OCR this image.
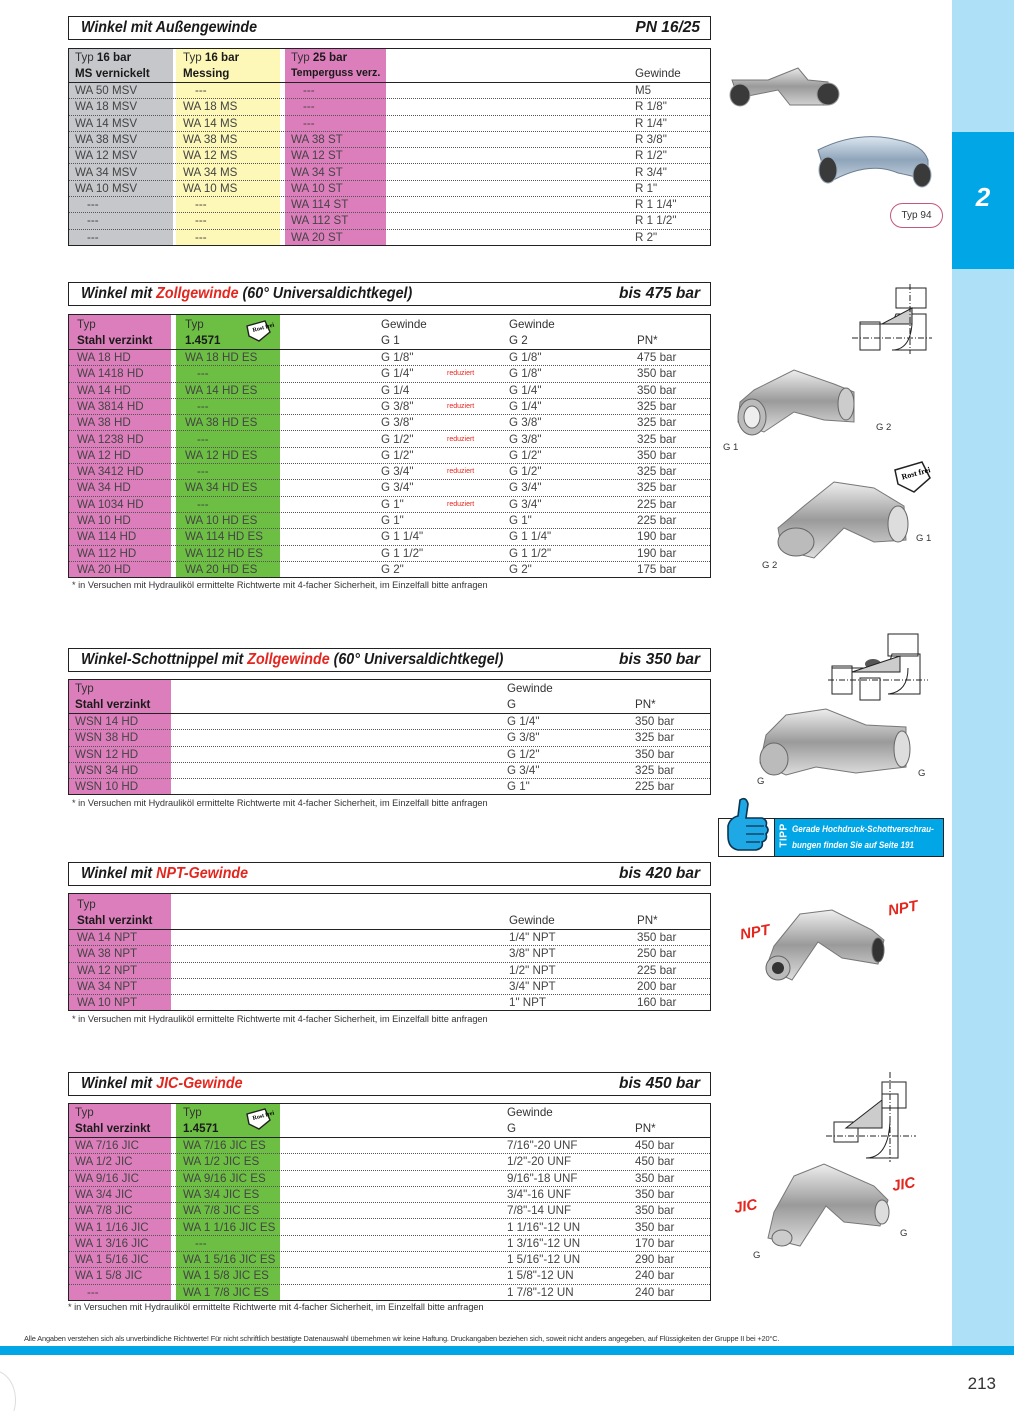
2
Alle Angaben verstehen sich als unverbindliche Richtwerte! Für nicht schriftlich bestätigte Datenauswahl übernehmen wir keine Haftung. Druckangaben beziehen sich, soweit nicht anders angegeben, auf Flüssigkeiten der Gruppe II bei +20°C.
213
Winkel mit Außengewinde	PN 16/25
Typ 16 bar
MS vernickelt
Typ 16 bar
Messing
Typ 25 bar
Temperguss verz.	Gewinde
WA 50 MSV	---	---	M5
WA 18 MSV	WA 18 MS	---	R 1/8"
WA 14 MSV	WA 14 MS	---	R 1/4"
WA 38 MSV	WA 38 MS	WA 38 ST	R 3/8"
WA 12 MSV	WA 12 MS	WA 12 ST	R 1/2"
WA 34 MSV	WA 34 MS	WA 34 ST	R 3/4"
WA 10 MSV	WA 10 MS	WA 10 ST	R 1"
---	---	WA 114 ST	R 1 1/4"
---	---	WA 112 ST	R 1 1/2"
---	---	WA 20 ST	R 2"
Typ 94
Winkel mit Zollgewinde (60° Universaldichtkegel)	bis 475 bar
Typ
Stahl verzinkt
Typ
1.4571
Rost frei	Gewinde
G 1
Gewinde
G 2	PN*
WA 18 HD	WA 18 HD ES	G 1/8"	G 1/8"	475 bar
WA 1418 HD	---	G 1/4"	reduziert	G 1/8"	350 bar
WA 14 HD	WA 14 HD ES	G 1/4	G 1/4"	350 bar
WA 3814 HD	---	G 3/8"	reduziert	G 1/4"	325 bar
WA 38 HD	WA 38 HD ES	G 3/8"	G 3/8"	325 bar
WA 1238 HD	---	G 1/2"	reduziert	G 3/8"	325 bar
WA 12 HD	WA 12 HD ES	G 1/2"	G 1/2"	350 bar
WA 3412 HD	---	G 3/4"	reduziert	G 1/2"	325 bar
WA 34 HD	WA 34 HD ES	G 3/4"	G 3/4"	325 bar
WA 1034 HD	---	G 1"	reduziert	G 3/4"	225 bar
WA 10 HD	WA 10 HD ES	G 1"	G 1"	225 bar
WA 114 HD	WA 114 HD ES	G 1 1/4"	G 1 1/4"	190 bar
WA 112 HD	WA 112 HD ES	G 1 1/2"	G 1 1/2"	190 bar
WA 20 HD	WA 20 HD ES	G 2"	G 2"	175 bar
* in Versuchen mit Hydrauliköl ermittelte Richtwerte mit 4-facher Sicherheit, im Einzelfall bitte anfragen
G 1
G 2
Rost frei
G 1
G 2
Winkel-Schottnippel mit Zollgewinde (60° Universaldichtkegel)	bis 350 bar
Typ
Stahl verzinkt
Gewinde
G	PN*
WSN 14 HD	G 1/4"	350 bar
WSN 38 HD	G 3/8"	325 bar
WSN 12 HD	G 1/2"	350 bar
WSN 34 HD	G 3/4"	325 bar
WSN 10 HD	G 1"	225 bar
* in Versuchen mit Hydrauliköl ermittelte Richtwerte mit 4-facher Sicherheit, im Einzelfall bitte anfragen
G
G
TIPP Gerade Hochdruck-Schottverschrau-
bungen finden Sie auf Seite 191
Winkel mit NPT-Gewinde	bis 420 bar
Typ
Stahl verzinkt	Gewinde	PN*
WA 14 NPT	1/4" NPT	350 bar
WA 38 NPT	3/8" NPT	250 bar
WA 12 NPT	1/2" NPT	225 bar
WA 34 NPT	3/4" NPT	200 bar
WA 10 NPT	1" NPT	160 bar
* in Versuchen mit Hydrauliköl ermittelte Richtwerte mit 4-facher Sicherheit, im Einzelfall bitte anfragen
NPT
NPT
Winkel mit JIC-Gewinde	bis 450 bar
Typ
Stahl verzinkt
Typ
1.4571
Rost frei	Gewinde
G	PN*
WA 7/16 JIC	WA 7/16 JIC ES	7/16"-20 UNF	450 bar
WA 1/2 JIC	WA 1/2 JIC ES	1/2"-20 UNF	450 bar
WA 9/16 JIC	WA 9/16 JIC ES	9/16"-18 UNF	350 bar
WA 3/4 JIC	WA 3/4 JIC ES	3/4"-16 UNF	350 bar
WA 7/8 JIC	WA 7/8 JIC ES	7/8"-14 UNF	350 bar
WA 1 1/16 JIC	WA 1 1/16 JIC ES	1 1/16"-12 UN	350 bar
WA 1 3/16 JIC	---	1 3/16"-12 UN	170 bar
WA 1 5/16 JIC	WA 1 5/16 JIC ES	1 5/16"-12 UN	290 bar
WA 1 5/8 JIC	WA 1 5/8 JIC ES	1 5/8"-12 UN	240 bar
---	WA 1 7/8 JIC ES	1 7/8"-12 UN	240 bar
* in Versuchen mit Hydrauliköl ermittelte Richtwerte mit 4-facher Sicherheit, im Einzelfall bitte anfragen
JIC
JIC
G
G
